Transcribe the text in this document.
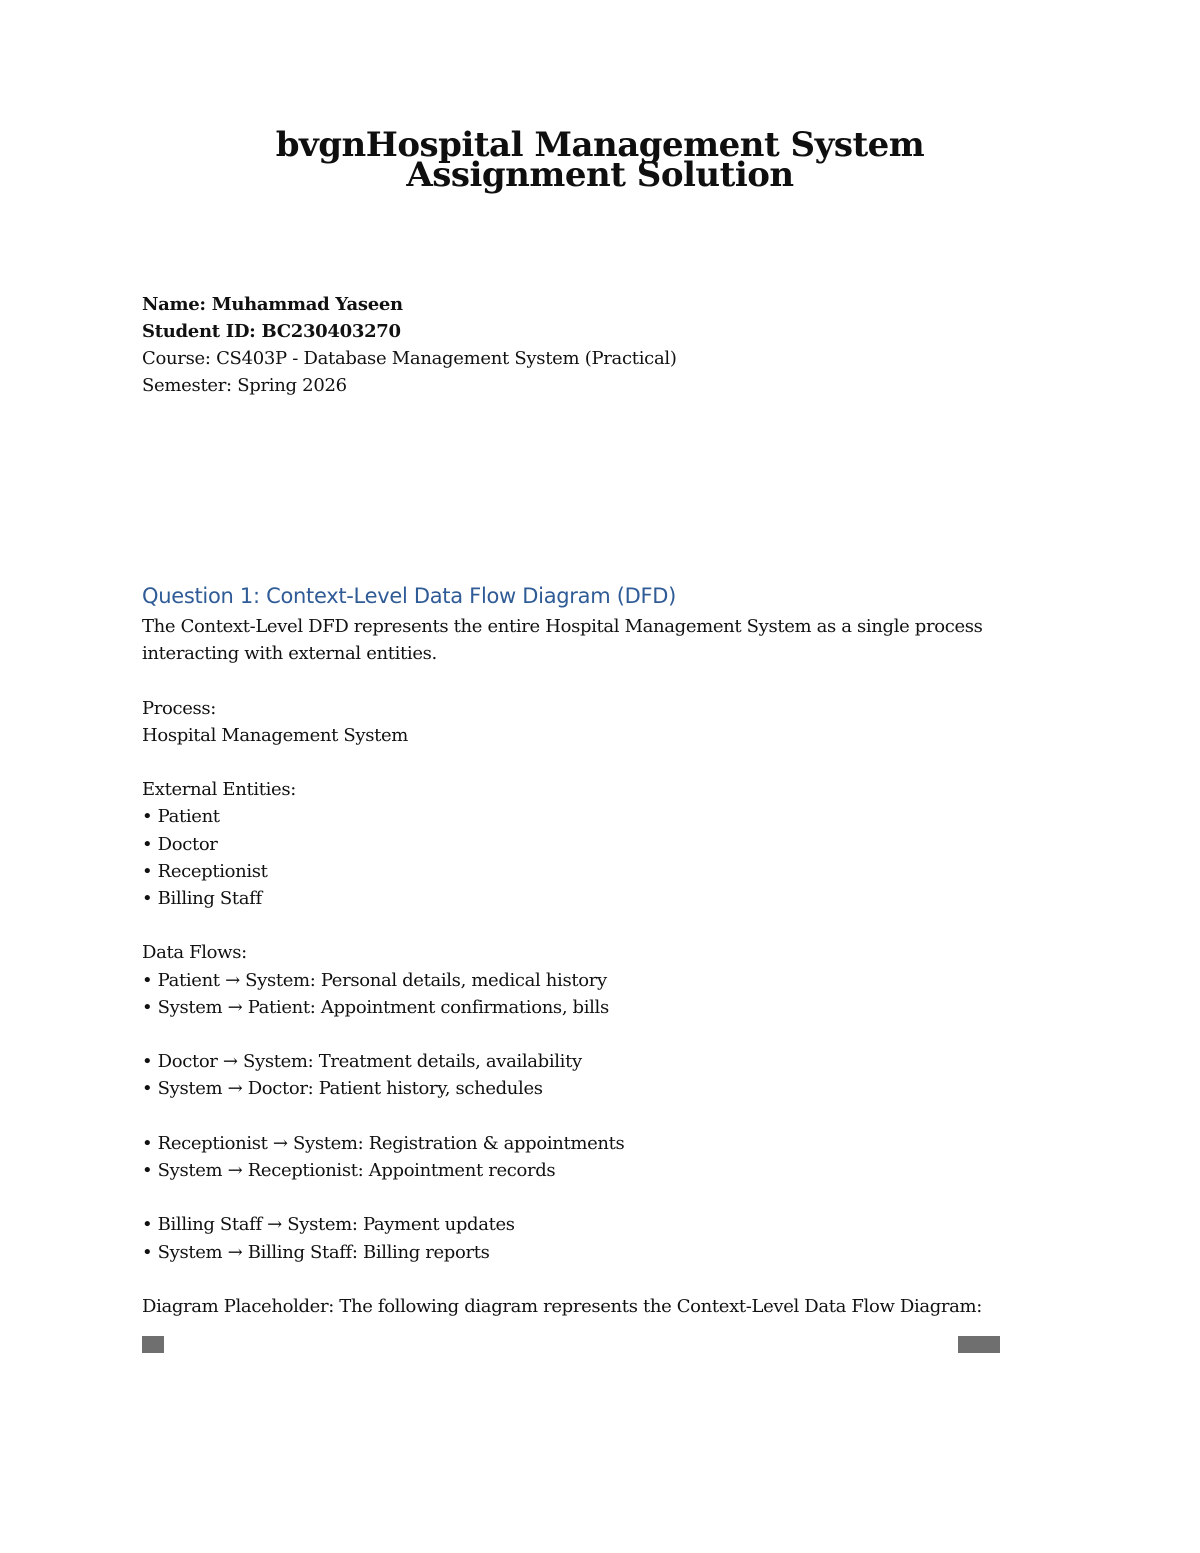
bvgnHospital Management System
Assignment Solution
Name: Muhammad Yaseen
Student ID: BC230403270
Course: CS403P - Database Management System (Practical)
Semester: Spring 2026
Question 1: Context-Level Data Flow Diagram (DFD)
The Context-Level DFD represents the entire Hospital Management System as a single process
interacting with external entities.
Process:
Hospital Management System
External Entities:
• Patient
• Doctor
• Receptionist
• Billing Staff
Data Flows:
• Patient → System: Personal details, medical history
• System → Patient: Appointment confirmations, bills
• Doctor → System: Treatment details, availability
• System → Doctor: Patient history, schedules
• Receptionist → System: Registration & appointments
• System → Receptionist: Appointment records
• Billing Staff → System: Payment updates
• System → Billing Staff: Billing reports
Diagram Placeholder: The following diagram represents the Context-Level Data Flow Diagram:
